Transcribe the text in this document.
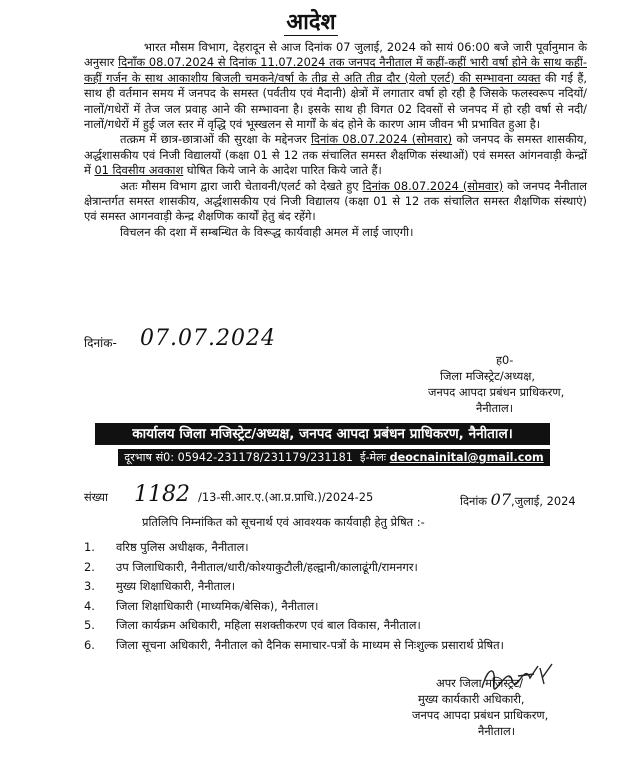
आदेश

भारत मौसम विभाग, देहरादून से आज दिनांक 07 जुलाई, 2024 को सायं 06:00 बजे जारी पूर्वानुमान के अनुसार दिनाँक 08.07.2024 से दिनांक 11.07.2024 तक जनपद नैनीताल में कहीं-कहीं भारी वर्षा होने के साथ कहीं-कहीं गर्जन के साथ आकाशीय बिजली चमकने/वर्षा के तीव्र से अति तीव्र दौर (येलो एलर्ट) की सम्भावना व्यक्त की गई हैं, साथ ही वर्तमान समय में जनपद के समस्त (पर्वतीय एवं मैदानी) क्षेत्रों में लगातार वर्षा हो रही है जिसके फलस्वरूप नदियों/नालों/गधेरों में तेज जल प्रवाह आने की सम्भावना है। इसके साथ ही विगत 02 दिवसों से जनपद में हो रही वर्षा से नदी/नालों/गधेरों में हुई जल स्तर में वृद्धि एवं भूस्खलन से मार्गों के बंद होने के कारण आम जीवन भी प्रभावित हुआ है।

तत्क्रम में छात्र-छात्राओं की सुरक्षा के मद्देनजर दिनांक 08.07.2024 (सोमवार) को जनपद के समस्त शासकीय, अर्द्धशासकीय एवं निजी विद्यालयों (कक्षा 01 से 12 तक संचालित समस्त शैक्षणिक संस्थाओं) एवं समस्त आंगनवाड़ी केन्द्रों में 01 दिवसीय अवकाश घोषित किये जाने के आदेश पारित किये जाते हैं।

अतः मौसम विभाग द्वारा जारी चेतावनी/एलर्ट को देखते हुए दिनांक 08.07.2024 (सोमवार) को जनपद नैनीताल क्षेत्रान्तर्गत समस्त शासकीय, अर्द्धशासकीय एवं निजी विद्यालय (कक्षा 01 से 12 तक संचालित समस्त शैक्षणिक संस्थाएं) एवं समस्त आगनवाड़ी केन्द्र शैक्षणिक कार्यों हेतु बंद रहेंगे।

विचलन की दशा में सम्बन्धित के विरूद्ध कार्यवाही अमल में लाई जाएगी।

दिनांक- 07.07.2024
ह0-
जिला मजिस्ट्रेट/अध्यक्ष,
जनपद आपदा प्रबंधन प्राधिकरण,
नैनीताल।
कार्यालय जिला मजिस्ट्रेट/अध्यक्ष, जनपद आपदा प्रबंधन प्राधिकरण, नैनीताल।
दूरभाष सं0: 05942-231178/231179/231181 ई-मेलः deocnainital@gmail.com
संख्या 1182 /13-सी.आर.ए.(आ.प्र.प्राधि.)/2024-25	दिनांक 07,जुलाई, 2024
प्रतिलिपि निम्नांकित को सूचनार्थ एवं आवश्यक कार्यवाही हेतु प्रेषित :-
1. वरिष्ठ पुलिस अधीक्षक, नैनीताल।
2. उप जिलाधिकारी, नैनीताल/धारी/कोश्याकुटौली/हल्द्वानी/कालाढूंगी/रामनगर।
3. मुख्य शिक्षाधिकारी, नैनीताल।
4. जिला शिक्षाधिकारी (माध्यमिक/बेसिक), नैनीताल।
5. जिला कार्यक्रम अधिकारी, महिला सशक्तीकरण एवं बाल विकास, नैनीताल।
6. जिला सूचना अधिकारी, नैनीताल को दैनिक समाचार-पत्रों के माध्यम से निःशुल्क प्रसारार्थ प्रेषित।
अपर जिला मजिस्ट्रेट/
मुख्य कार्यकारी अधिकारी,
जनपद आपदा प्रबंधन प्राधिकरण,
नैनीताल।
